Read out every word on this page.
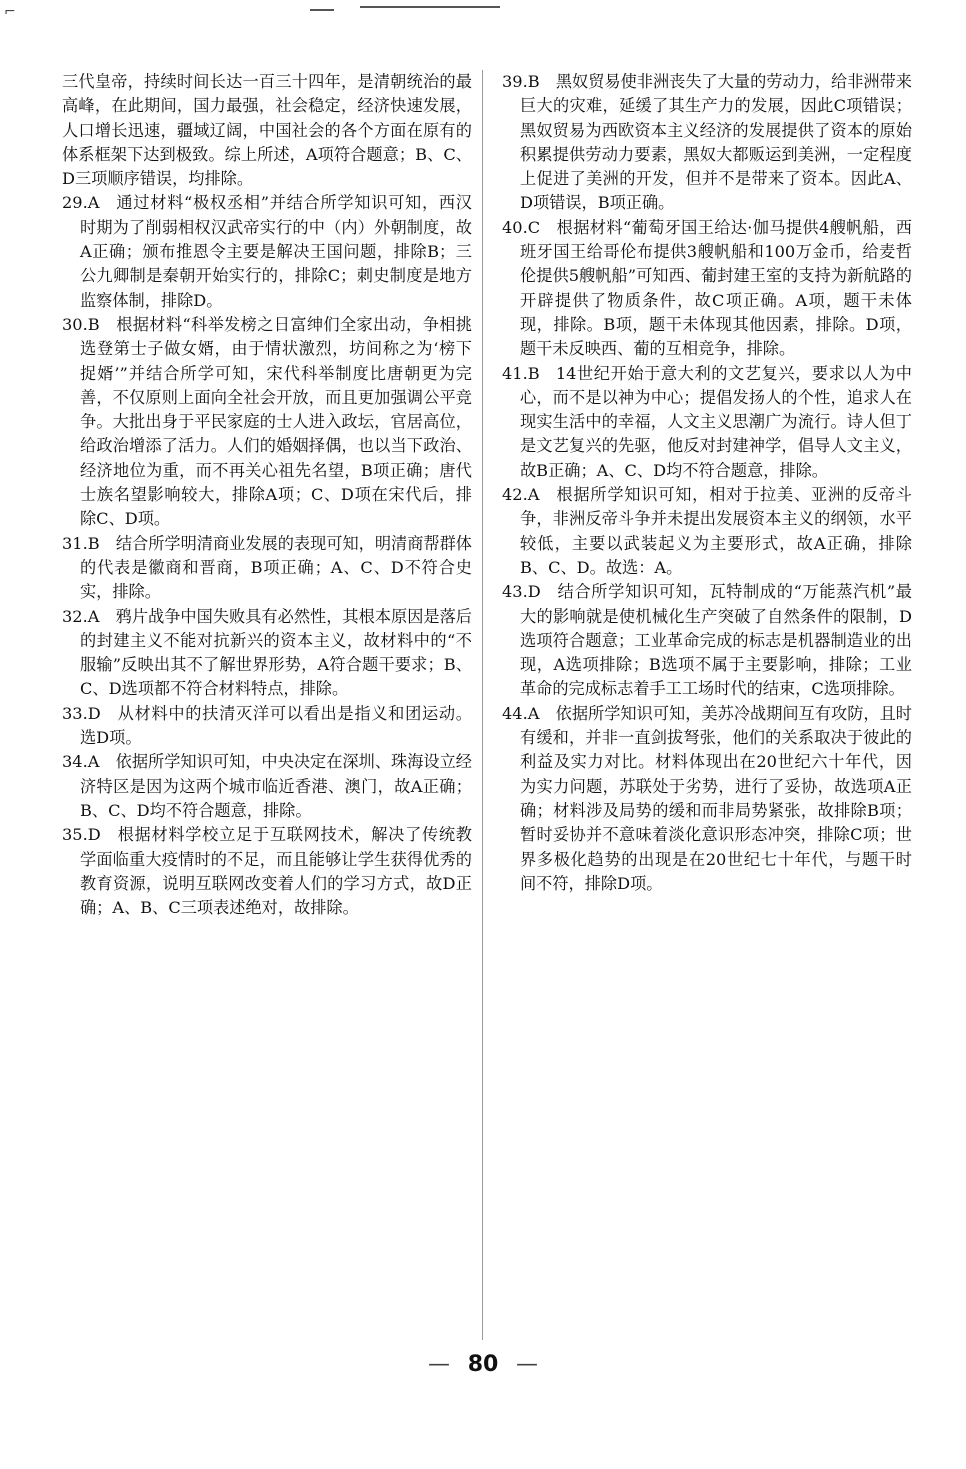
⌐

三代皇帝，持续时间长达一百三十四年，是清朝统治的最高峰，在此期间，国力最强，社会稳定，经济快速发展，人口增长迅速，疆域辽阔，中国社会的各个方面在原有的体系框架下达到极致。综上所述，A项符合题意；B、C、D三项顺序错误，均排除。

29.A  通过材料“极权丞相”并结合所学知识可知，西汉时期为了削弱相权汉武帝实行的中（内）外朝制度，故A正确；颁布推恩令主要是解决王国问题，排除B；三公九卿制是秦朝开始实行的，排除C；刺史制度是地方监察体制，排除D。

30.B  根据材料“科举发榜之日富绅们全家出动，争相挑选登第士子做女婿，由于情状激烈，坊间称之为‘榜下捉婿’”并结合所学可知，宋代科举制度比唐朝更为完善，不仅原则上面向全社会开放，而且更加强调公平竞争。大批出身于平民家庭的士人进入政坛，官居高位，给政治增添了活力。人们的婚姻择偶，也以当下政治、经济地位为重，而不再关心祖先名望，B项正确；唐代士族名望影响较大，排除A项；C、D项在宋代后，排除C、D项。

31.B  结合所学明清商业发展的表现可知，明清商帮群体的代表是徽商和晋商，B项正确；A、C、D不符合史实，排除。

32.A  鸦片战争中国失败具有必然性，其根本原因是落后的封建主义不能对抗新兴的资本主义，故材料中的“不服输”反映出其不了解世界形势，A符合题干要求；B、C、D选项都不符合材料特点，排除。

33.D  从材料中的扶清灭洋可以看出是指义和团运动。选D项。

34.A  依据所学知识可知，中央决定在深圳、珠海设立经济特区是因为这两个城市临近香港、澳门，故A正确；B、C、D均不符合题意，排除。

35.D  根据材料学校立足于互联网技术，解决了传统教学面临重大疫情时的不足，而且能够让学生获得优秀的教育资源，说明互联网改变着人们的学习方式，故D正确；A、B、C三项表述绝对，故排除。

39.B  黑奴贸易使非洲丧失了大量的劳动力，给非洲带来巨大的灾难，延缓了其生产力的发展，因此C项错误；黑奴贸易为西欧资本主义经济的发展提供了资本的原始积累提供劳动力要素，黑奴大都贩运到美洲，一定程度上促进了美洲的开发，但并不是带来了资本。因此A、D项错误，B项正确。

40.C  根据材料“葡萄牙国王给达·伽马提供4艘帆船，西班牙国王给哥伦布提供3艘帆船和100万金币，给麦哲伦提供5艘帆船”可知西、葡封建王室的支持为新航路的开辟提供了物质条件，故C项正确。A项，题干未体现，排除。B项，题干未体现其他因素，排除。D项，题干未反映西、葡的互相竞争，排除。

41.B  14世纪开始于意大利的文艺复兴，要求以人为中心，而不是以神为中心；提倡发扬人的个性，追求人在现实生活中的幸福，人文主义思潮广为流行。诗人但丁是文艺复兴的先驱，他反对封建神学，倡导人文主义，故B正确；A、C、D均不符合题意，排除。

42.A  根据所学知识可知，相对于拉美、亚洲的反帝斗争，非洲反帝斗争并未提出发展资本主义的纲领，水平较低，主要以武装起义为主要形式，故A正确，排除B、C、D。故选：A。

43.D  结合所学知识可知，瓦特制成的“万能蒸汽机”最大的影响就是使机械化生产突破了自然条件的限制，D选项符合题意；工业革命完成的标志是机器制造业的出现，A选项排除；B选项不属于主要影响，排除；工业革命的完成标志着手工工场时代的结束，C选项排除。

44.A  依据所学知识可知，美苏冷战期间互有攻防，且时有缓和，并非一直剑拔弩张，他们的关系取决于彼此的利益及实力对比。材料体现出在20世纪六十年代，因为实力问题，苏联处于劣势，进行了妥协，故选项A正确；材料涉及局势的缓和而非局势紧张，故排除B项；暂时妥协并不意味着淡化意识形态冲突，排除C项；世界多极化趋势的出现是在20世纪七十年代，与题干时间不符，排除D项。

— 80 —
